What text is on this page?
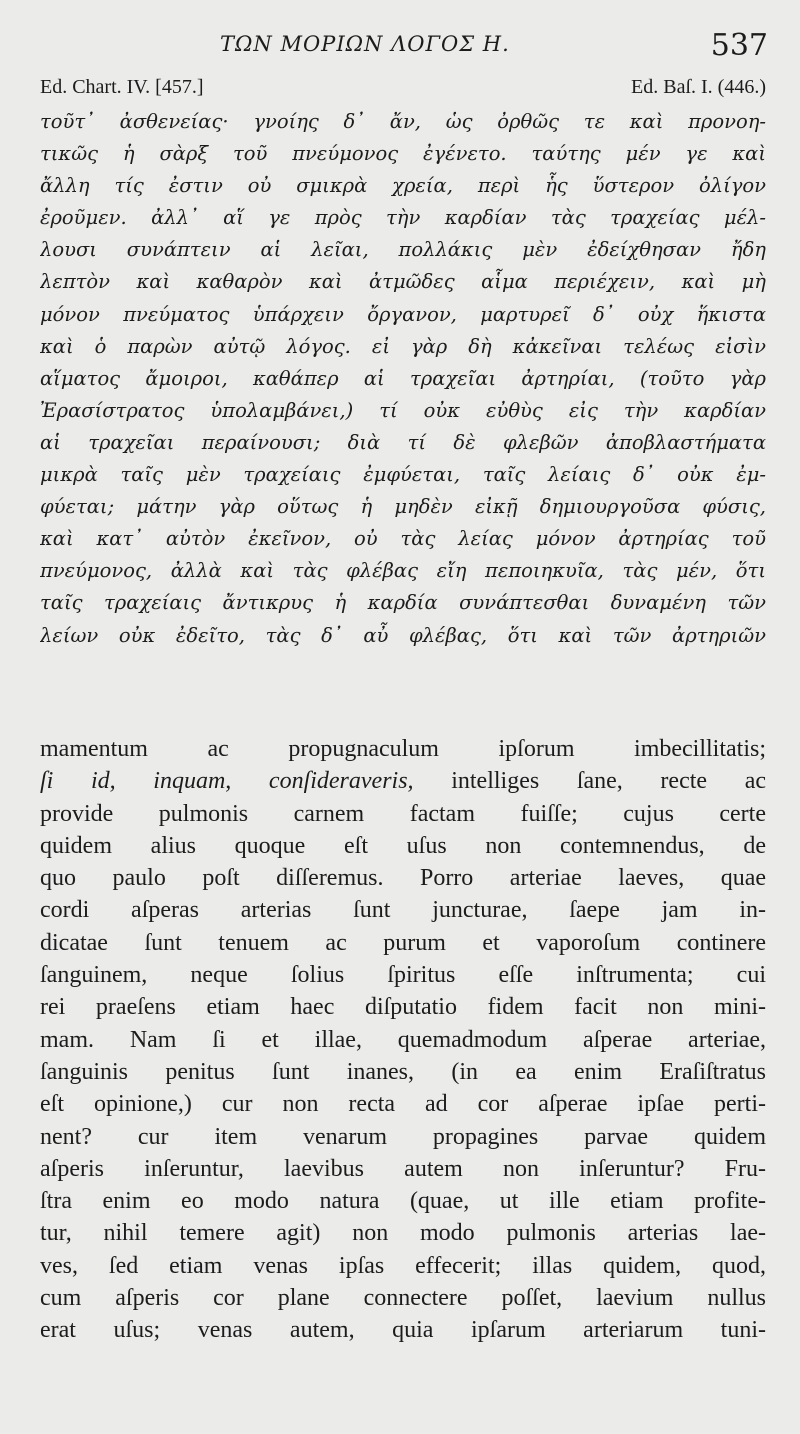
ΤΩΝ ΜΟΡΙΩΝ ΛΟΓΟΣ Η.	537
Ed. Chart. IV. [457.]	Ed. Baſ. I. (446.)
τοῦτ᾽ ἀσθενείας· γνοίης δ᾽ ἄν, ὡς ὀρθῶς τε καὶ προνοη-
τικῶς ἡ σὰρξ τοῦ πνεύμονος ἐγένετο. ταύτης μέν γε καὶ
ἄλλη τίς ἐστιν οὐ σμικρὰ χρεία, περὶ ἧς ὕστερον ὀλίγον
ἐροῦμεν. ἀλλ᾽ αἵ γε πρὸς τὴν καρδίαν τὰς τραχείας μέλ-
λουσι συνάπτειν αἱ λεῖαι, πολλάκις μὲν ἐδείχθησαν ἤδη
λεπτὸν καὶ καθαρὸν καὶ ἀτμῶδες αἷμα περιέχειν, καὶ μὴ
μόνον πνεύματος ὑπάρχειν ὄργανον, μαρτυρεῖ δ᾽ οὐχ ἥκιστα
καὶ ὁ παρὼν αὐτῷ λόγος. εἰ γὰρ δὴ κἀκεῖναι τελέως εἰσὶν
αἵματος ἄμοιροι, καθάπερ αἱ τραχεῖαι ἀρτηρίαι, (τοῦτο γὰρ
Ἐρασίστρατος ὑπολαμβάνει,) τί οὐκ εὐθὺς εἰς τὴν καρδίαν
αἱ τραχεῖαι περαίνουσι; διὰ τί δὲ φλεβῶν ἀποβλαστήματα
μικρὰ ταῖς μὲν τραχείαις ἐμφύεται, ταῖς λείαις δ᾽ οὐκ ἐμ-
φύεται; μάτην γὰρ οὕτως ἡ μηδὲν εἰκῇ δημιουργοῦσα φύσις,
καὶ κατ᾽ αὐτὸν ἐκεῖνον, οὐ τὰς λείας μόνον ἀρτηρίας τοῦ
πνεύμονος, ἀλλὰ καὶ τὰς φλέβας εἴη πεποιηκυῖα, τὰς μέν, ὅτι
ταῖς τραχείαις ἄντικρυς ἡ καρδία συνάπτεσθαι δυναμένη τῶν
λείων οὐκ ἐδεῖτο, τὰς δ᾽ αὖ φλέβας, ὅτι καὶ τῶν ἀρτηριῶν
mamentum ac propugnaculum ipſorum imbecillitatis;
ſi id, inquam, conſideraveris, intelliges ſane, recte ac
provide pulmonis carnem factam fuiſſe; cujus certe
quidem alius quoque eſt uſus non contemnendus, de
quo paulo poſt diſſeremus. Porro arteriae laeves, quae
cordi aſperas arterias ſunt juncturae, ſaepe jam in-
dicatae ſunt tenuem ac purum et vaporoſum continere
ſanguinem, neque ſolius ſpiritus eſſe inſtrumenta; cui
rei praeſens etiam haec diſputatio fidem facit non mini-
mam. Nam ſi et illae, quemadmodum aſperae arteriae,
ſanguinis penitus ſunt inanes, (in ea enim Eraſiſtratus
eſt opinione,) cur non recta ad cor aſperae ipſae perti-
nent? cur item venarum propagines parvae quidem
aſperis inſeruntur, laevibus autem non inſeruntur? Fru-
ſtra enim eo modo natura (quae, ut ille etiam profite-
tur, nihil temere agit) non modo pulmonis arterias lae-
ves, ſed etiam venas ipſas effecerit; illas quidem, quod,
cum aſperis cor plane connectere poſſet, laevium nullus
erat uſus; venas autem, quia ipſarum arteriarum tuni-
